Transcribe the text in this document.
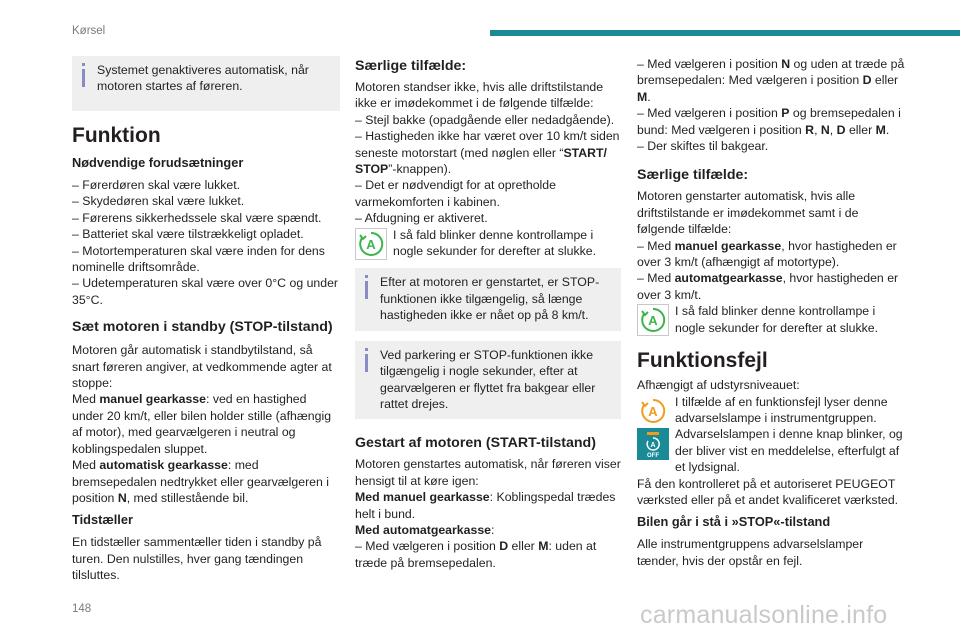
Kørsel

Systemet genaktiveres automatisk, når motoren startes af føreren.

Funktion

Nødvendige forudsætninger

– Førerdøren skal være lukket.

– Skydedøren skal være lukket.

– Førerens sikkerhedssele skal være spændt.

– Batteriet skal være tilstrækkeligt opladet.

– Motortemperaturen skal være inden for dens nominelle driftsområde.

– Udetemperaturen skal være over 0°C og under 35°C.

Sæt motoren i standby (STOP-tilstand)

Motoren går automatisk i standbytilstand, så snart føreren angiver, at vedkommende agter at stoppe:

Med manuel gearkasse: ved en hastighed under 20 km/t, eller bilen holder stille (afhængig af motor), med gearvælgeren i neutral og koblingspedalen sluppet.

Med automatisk gearkasse: med bremsepedalen nedtrykket eller gearvælgeren i position N, med stillestående bil.

Tidstæller

En tidstæller sammentæller tiden i standby på turen. Den nulstilles, hver gang tændingen tilsluttes.

Særlige tilfælde:

Motoren standser ikke, hvis alle driftstilstande ikke er imødekommet i de følgende tilfælde:

– Stejl bakke (opadgående eller nedadgående).

– Hastigheden ikke har været over 10 km/t siden seneste motorstart (med nøglen eller “START/ STOP”-knappen).

– Det er nødvendigt for at opretholde varmekomforten i kabinen.

– Afdugning er aktiveret.

A

I så fald blinker denne kontrollampe i nogle sekunder for derefter at slukke.

Efter at motoren er genstartet, er STOP-funktionen ikke tilgængelig, så længe hastigheden ikke er nået op på 8 km/t.

Ved parkering er STOP-funktionen ikke tilgængelig i nogle sekunder, efter at gearvælgeren er flyttet fra bakgear eller rattet drejes.

Gestart af motoren (START-tilstand)

Motoren genstartes automatisk, når føreren viser hensigt til at køre igen:

Med manuel gearkasse: Koblingspedal trædes helt i bund.

Med automatgearkasse:

– Med vælgeren i position D eller M: uden at træde på bremsepedalen.

– Med vælgeren i position N og uden at træde på bremsepedalen: Med vælgeren i position D eller M.

– Med vælgeren i position P og bremsepedalen i bund: Med vælgeren i position R, N, D eller M.

– Der skiftes til bakgear.

Særlige tilfælde:

Motoren genstarter automatisk, hvis alle driftstilstande er imødekommet samt i de følgende tilfælde:

– Med manuel gearkasse, hvor hastigheden er over 3 km/t (afhængigt af motortype).

– Med automatgearkasse, hvor hastigheden er over 3 km/t.

A

I så fald blinker denne kontrollampe i nogle sekunder for derefter at slukke.

Funktionsfejl

Afhængigt af udstyrsniveauet:

A
A
OFF

I tilfælde af en funktionsfejl lyser denne advarselslampe i instrumentgruppen.

Advarselslampen i denne knap blinker, og der bliver vist en meddelelse, efterfulgt af et lydsignal.

Få den kontrolleret på et autoriseret PEUGEOT værksted eller på et andet kvalificeret værksted.

Bilen går i stå i »STOP«-tilstand

Alle instrumentgruppens advarselslamper tænder, hvis der opstår en fejl.

148	carmanualsonline.info
